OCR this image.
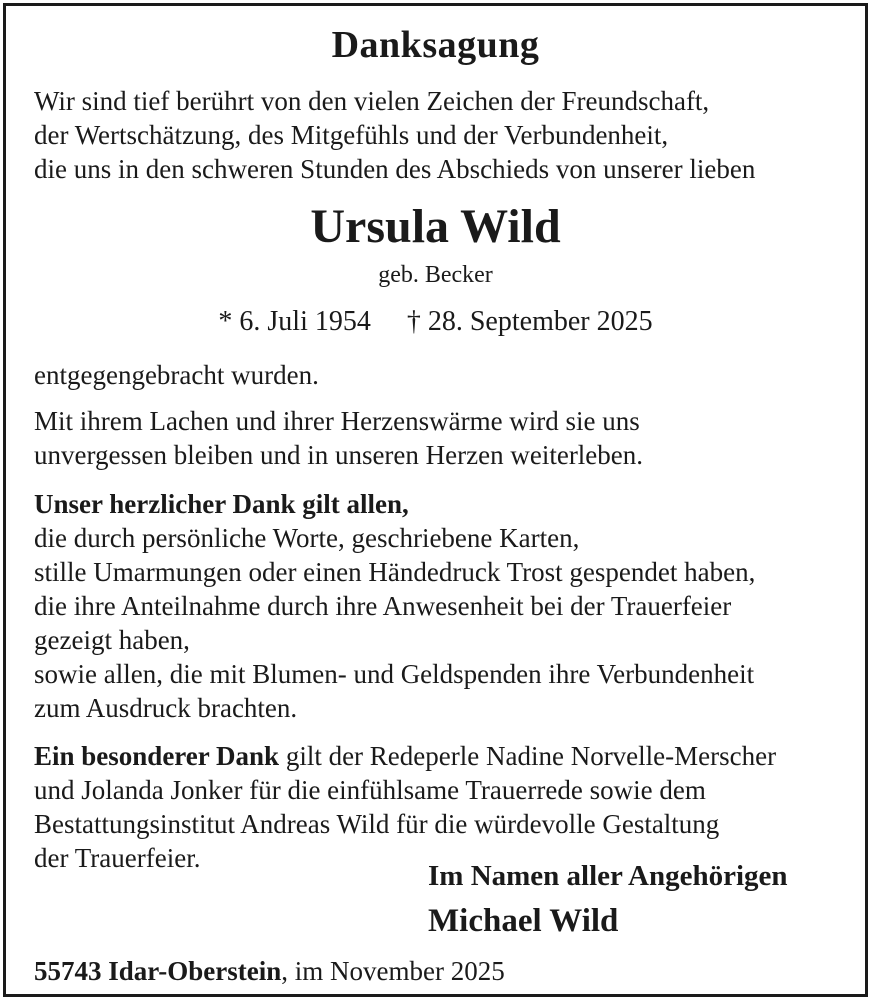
Danksagung
Wir sind tief berührt von den vielen Zeichen der Freundschaft,
der Wertschätzung, des Mitgefühls und der Verbundenheit,
die uns in den schweren Stunden des Abschieds von unserer lieben
Ursula Wild
geb. Becker
* 6. Juli 1954 † 28. September 2025
entgegengebracht wurden.
Mit ihrem Lachen und ihrer Herzenswärme wird sie uns
unvergessen bleiben und in unseren Herzen weiterleben.
Unser herzlicher Dank gilt allen,
die durch persönliche Worte, geschriebene Karten,
stille Umarmungen oder einen Händedruck Trost gespendet haben,
die ihre Anteilnahme durch ihre Anwesenheit bei der Trauerfeier
gezeigt haben,
sowie allen, die mit Blumen- und Geldspenden ihre Verbundenheit
zum Ausdruck brachten.
Ein besonderer Dank gilt der Redeperle Nadine Norvelle-Merscher
und Jolanda Jonker für die einfühlsame Trauerrede sowie dem
Bestattungsinstitut Andreas Wild für die würdevolle Gestaltung
der Trauerfeier.
Im Namen aller Angehörigen
Michael Wild
55743 Idar-Oberstein, im November 2025
